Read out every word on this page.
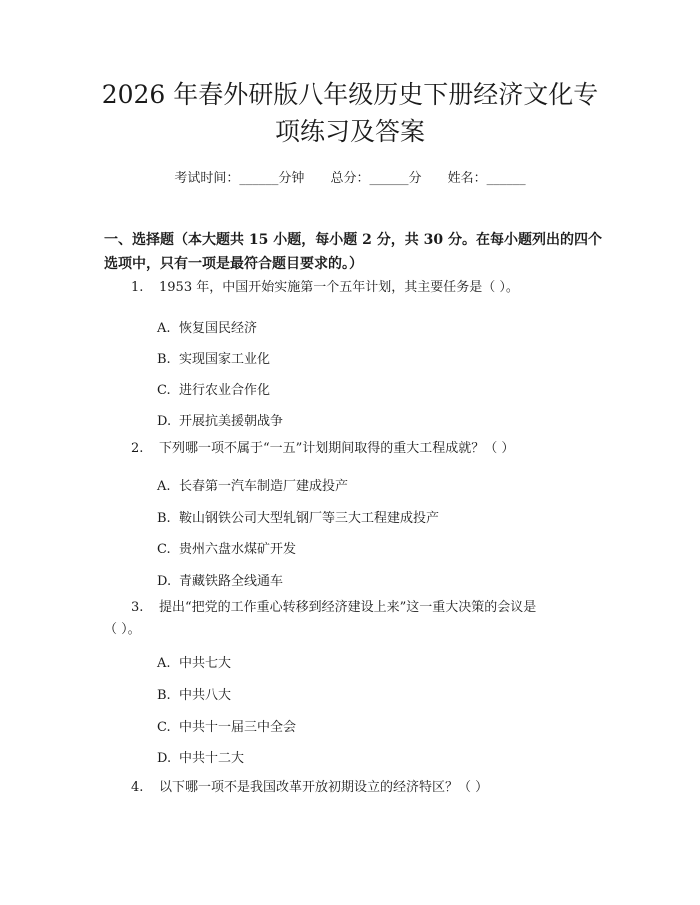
2026 年春外研版八年级历史下册经济文化专项练习及答案
考试时间：______分钟 总分：______分 姓名：______

一、选择题（本大题共 15 小题，每小题 2 分，共 30 分。在每小题列出的四个选项中，只有一项是最符合题目要求的。）

1. 1953 年，中国开始实施第一个五年计划，其主要任务是（ ）。
A. 恢复国民经济
B. 实现国家工业化
C. 进行农业合作化
D. 开展抗美援朝战争
2. 下列哪一项不属于“一五”计划期间取得的重大工程成就？（ ）
A. 长春第一汽车制造厂建成投产
B. 鞍山钢铁公司大型轧钢厂等三大工程建成投产
C. 贵州六盘水煤矿开发
D. 青藏铁路全线通车
3. 提出“把党的工作重心转移到经济建设上来”这一重大决策的会议是
（ ）。
A. 中共七大
B. 中共八大
C. 中共十一届三中全会
D. 中共十二大
4. 以下哪一项不是我国改革开放初期设立的经济特区？（ ）
